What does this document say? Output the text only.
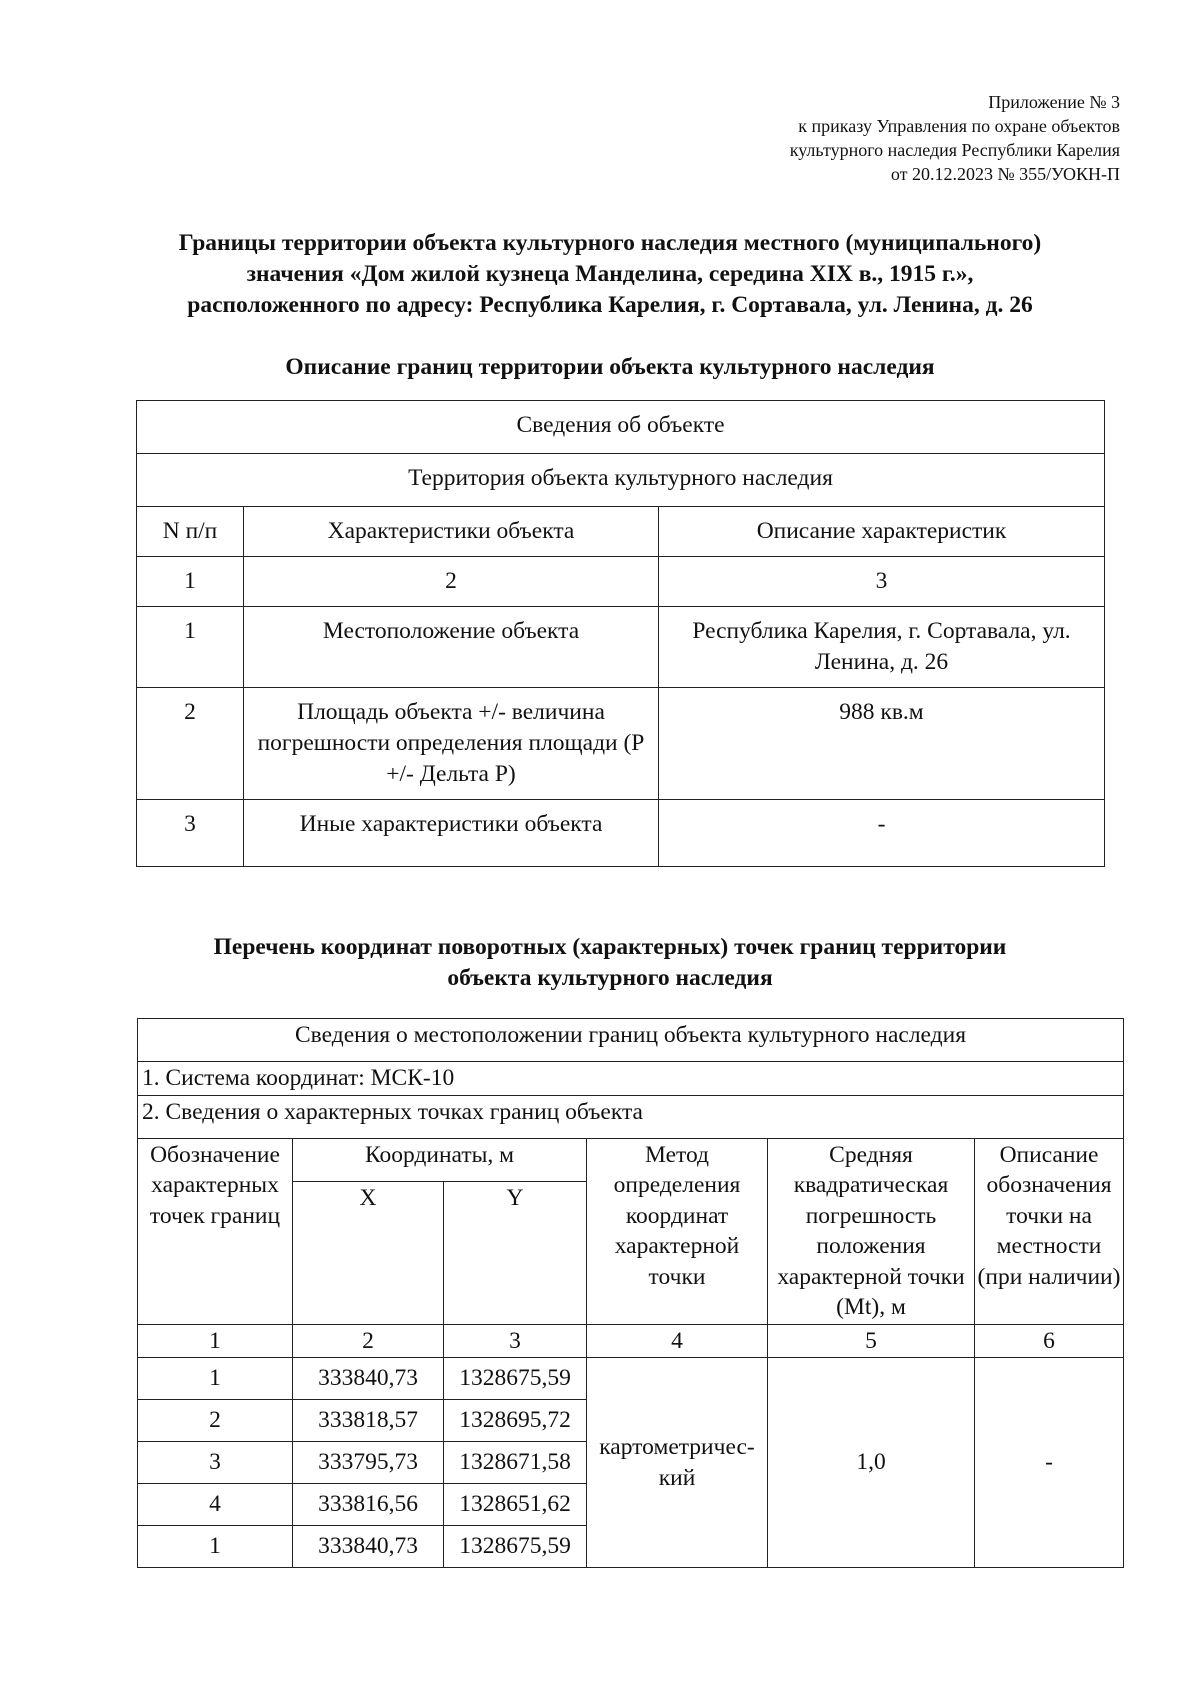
Приложение № 3
к приказу Управления по охране объектов
культурного наследия Республики Карелия
от 20.12.2023 № 355/УОКН-П
Границы территории объекта культурного наследия местного (муниципального)
значения «Дом жилой кузнеца Манделина, середина XIX в., 1915 г.»,
расположенного по адресу: Республика Карелия, г. Сортавала, ул. Ленина, д. 26
Описание границ территории объекта культурного наследия
Сведения об объекте		
Территория объекта культурного наследия		
N п/п	Характеристики объекта	Описание характеристик
1	2	3
1	Местоположение объекта	Республика Карелия, г. Сортавала, ул. Ленина, д. 26
2	Площадь объекта +/- величина погрешности определения площади (P +/- Дельта P)	988 кв.м
3	Иные характеристики объекта	-
Перечень координат поворотных (характерных) точек границ территории
объекта культурного наследия
Сведения о местоположении границ объекта культурного наследия					
1. Система координат: МСК-10					
2. Сведения о характерных точках границ объекта					
Обозначение характерных точек границ	Координаты, м		Метод определения координат характерной точки	Средняя квадратическая погрешность положения характерной точки (Mt), м	Описание обозначения точки на местности (при наличии)
	X	Y			
1	2	3	4	5	6
1	333840,73	1328675,59	картометричес-кий	1,0	-
2	333818,57	1328695,72			
3	333795,73	1328671,58			
4	333816,56	1328651,62			
1	333840,73	1328675,59			
